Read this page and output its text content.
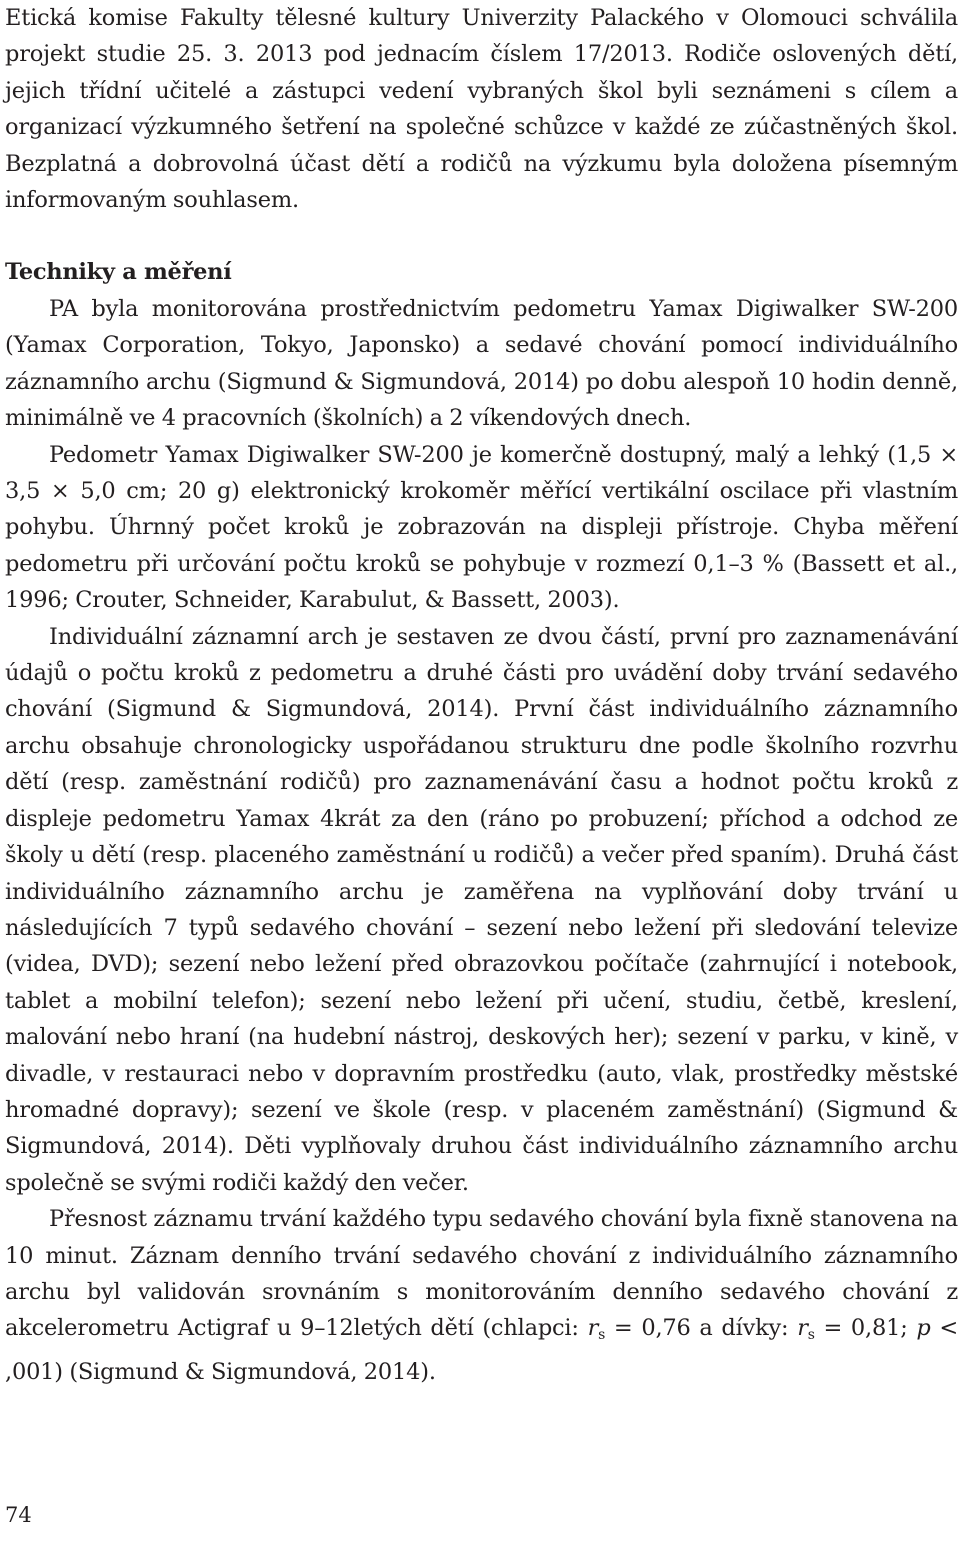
Etická komise Fakulty tělesné kultury Univerzity Palackého v Olomouci schválila projekt studie 25. 3. 2013 pod jednacím číslem 17/2013. Rodiče oslovených dětí, jejich třídní učitelé a zástupci vedení vybraných škol byli seznámeni s cílem a organizací výzkumného šetření na společné schůzce v každé ze zúčastněných škol. Bezplatná a dobrovolná účast dětí a rodičů na výzkumu byla doložena písemným informovaným souhlasem.

Techniky a měření

PA byla monitorována prostřednictvím pedometru Yamax Digiwalker SW-200 (Yamax Corporation, Tokyo, Japonsko) a sedavé chování pomocí individuálního záznamního archu (Sigmund & Sigmundová, 2014) po dobu alespoň 10 hodin denně, minimálně ve 4 pracovních (školních) a 2 víkendových dnech.

Pedometr Yamax Digiwalker SW-200 je komerčně dostupný, malý a lehký (1,5 × 3,5 × 5,0 cm; 20 g) elektronický krokoměr měřící vertikální oscilace při vlastním pohybu. Úhrnný počet kroků je zobrazován na displeji přístroje. Chyba měření pedometru při určování počtu kroků se pohybuje v rozmezí 0,1–3 % (Bassett et al., 1996; Crouter, Schneider, Karabulut, & Bassett, 2003).

Individuální záznamní arch je sestaven ze dvou částí, první pro zaznamenávání údajů o počtu kroků z pedometru a druhé části pro uvádění doby trvání sedavého chování (Sigmund & Sigmundová, 2014). První část individuálního záznamního archu obsahuje chronologicky uspořádanou strukturu dne podle školního rozvrhu dětí (resp. zaměstnání rodičů) pro zaznamenávání času a hodnot počtu kroků z displeje pedometru Yamax 4krát za den (ráno po probuzení; příchod a odchod ze školy u dětí (resp. placeného zaměstnání u rodičů) a večer před spaním). Druhá část individuálního záznamního archu je zaměřena na vyplňování doby trvání u následujících 7 typů sedavého chování – sezení nebo ležení při sledování televize (videa, DVD); sezení nebo ležení před obrazovkou počítače (zahrnující i notebook, tablet a mobilní telefon); sezení nebo ležení při učení, studiu, četbě, kreslení, malování nebo hraní (na hudební nástroj, deskových her); sezení v parku, v kině, v divadle, v restauraci nebo v dopravním prostředku (auto, vlak, prostředky městské hromadné dopravy); sezení ve škole (resp. v placeném zaměstnání) (Sigmund & Sigmundová, 2014). Děti vyplňovaly druhou část individuálního záznamního archu společně se svými rodiči každý den večer.

Přesnost záznamu trvání každého typu sedavého chování byla fixně stanovena na 10 minut. Záznam denního trvání sedavého chování z individuálního záznamního archu byl validován srovnáním s monitorováním denního sedavého chování z akcelerometru Actigraf u 9–12letých dětí (chlapci: $r_s = 0,76$ a dívky: $r_s = 0,81$; p < ,001) (Sigmund & Sigmundová, 2014).

74
